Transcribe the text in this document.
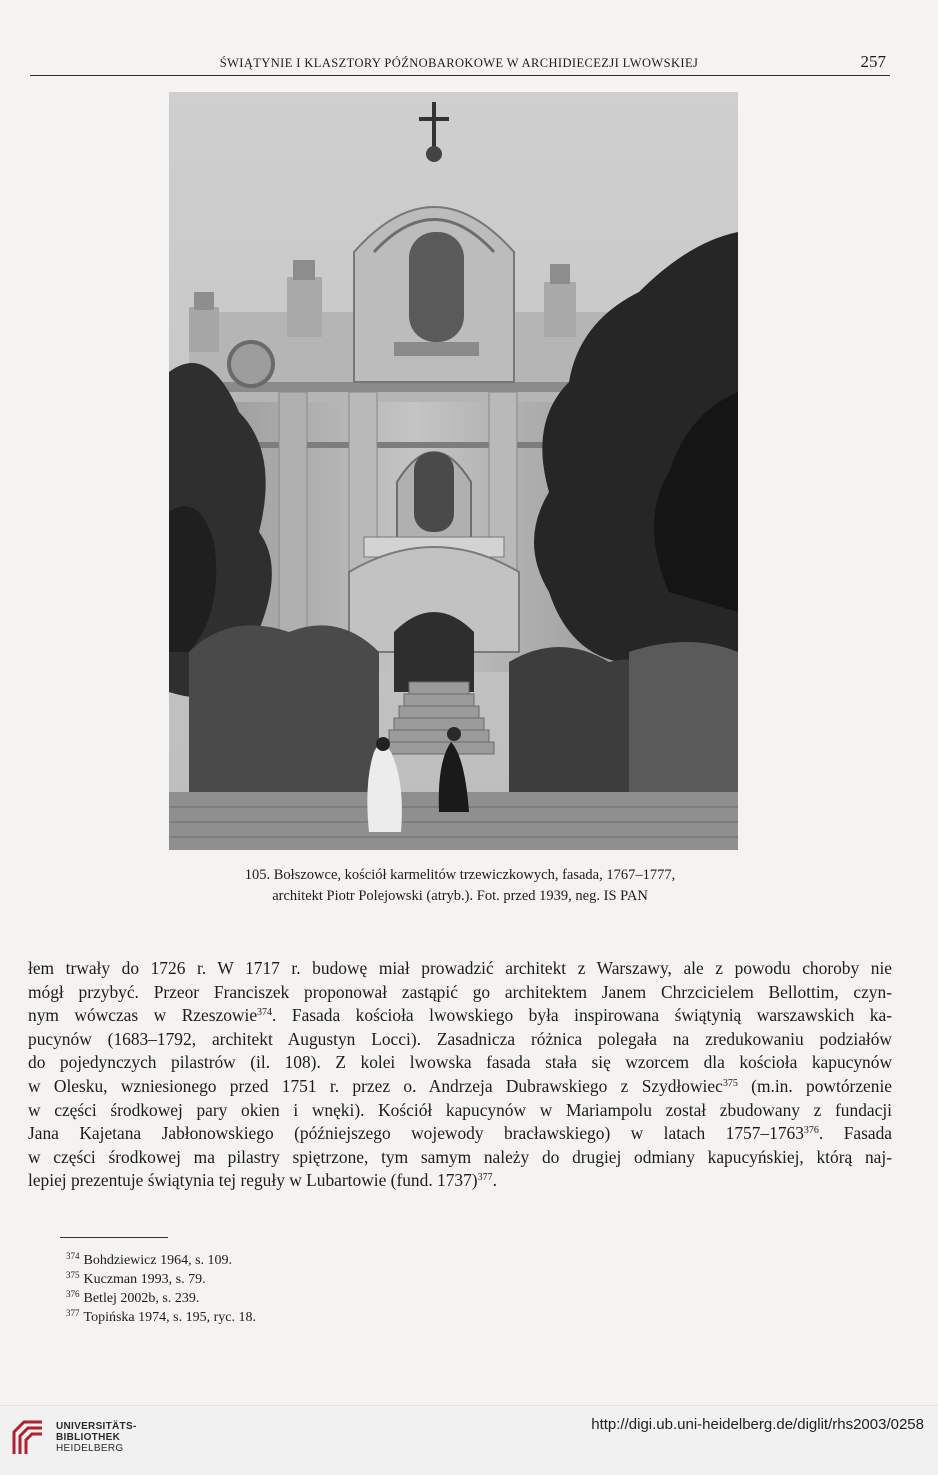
ŚWIĄTYNIE I KLASZTORY PÓŹNOBAROKOWE W ARCHIDIECEZJI LWOWSKIEJ	257
105. Bołszowce, kościół karmelitów trzewiczkowych, fasada, 1767–1777,
architekt Piotr Polejowski (atryb.). Fot. przed 1939, neg. IS PAN
łem trwały do 1726 r. W 1717 r. budowę miał prowadzić architekt z Warszawy, ale z powodu choroby nie
mógł przybyć. Przeor Franciszek proponował zastąpić go architektem Janem Chrzcicielem Bellottim, czyn-
nym wówczas w Rzeszowie$^{374}$. Fasada kościoła lwowskiego była inspirowana świątynią warszawskich ka-
pucynów (1683–1792, architekt Augustyn Locci). Zasadnicza różnica polegała na zredukowaniu podziałów
do pojedynczych pilastrów (il. 108). Z kolei lwowska fasada stała się wzorcem dla kościoła kapucynów
w Olesku, wzniesionego przed 1751 r. przez o. Andrzeja Dubrawskiego z Szydłowiec$^{375}$ (m.in. powtórzenie
w części środkowej pary okien i wnęki). Kościół kapucynów w Mariampolu został zbudowany z fundacji
Jana Kajetana Jabłonowskiego (późniejszego wojewody bracławskiego) w latach 1757–1763$^{376}$. Fasada
w części środkowej ma pilastry spiętrzone, tym samym należy do drugiej odmiany kapucyńskiej, którą naj-
lepiej prezentuje świątynia tej reguły w Lubartowie (fund. 1737)$^{377}$.
$^{374}$ Bohdziewicz 1964, s. 109.
$^{375}$ Kuczman 1993, s. 79.
$^{376}$ Betlej 2002b, s. 239.
$^{377}$ Topińska 1974, s. 195, ryc. 18.
UNIVERSITÄTS-
BIBLIOTHEK
HEIDELBERG
http://digi.ub.uni-heidelberg.de/diglit/rhs2003/0258
